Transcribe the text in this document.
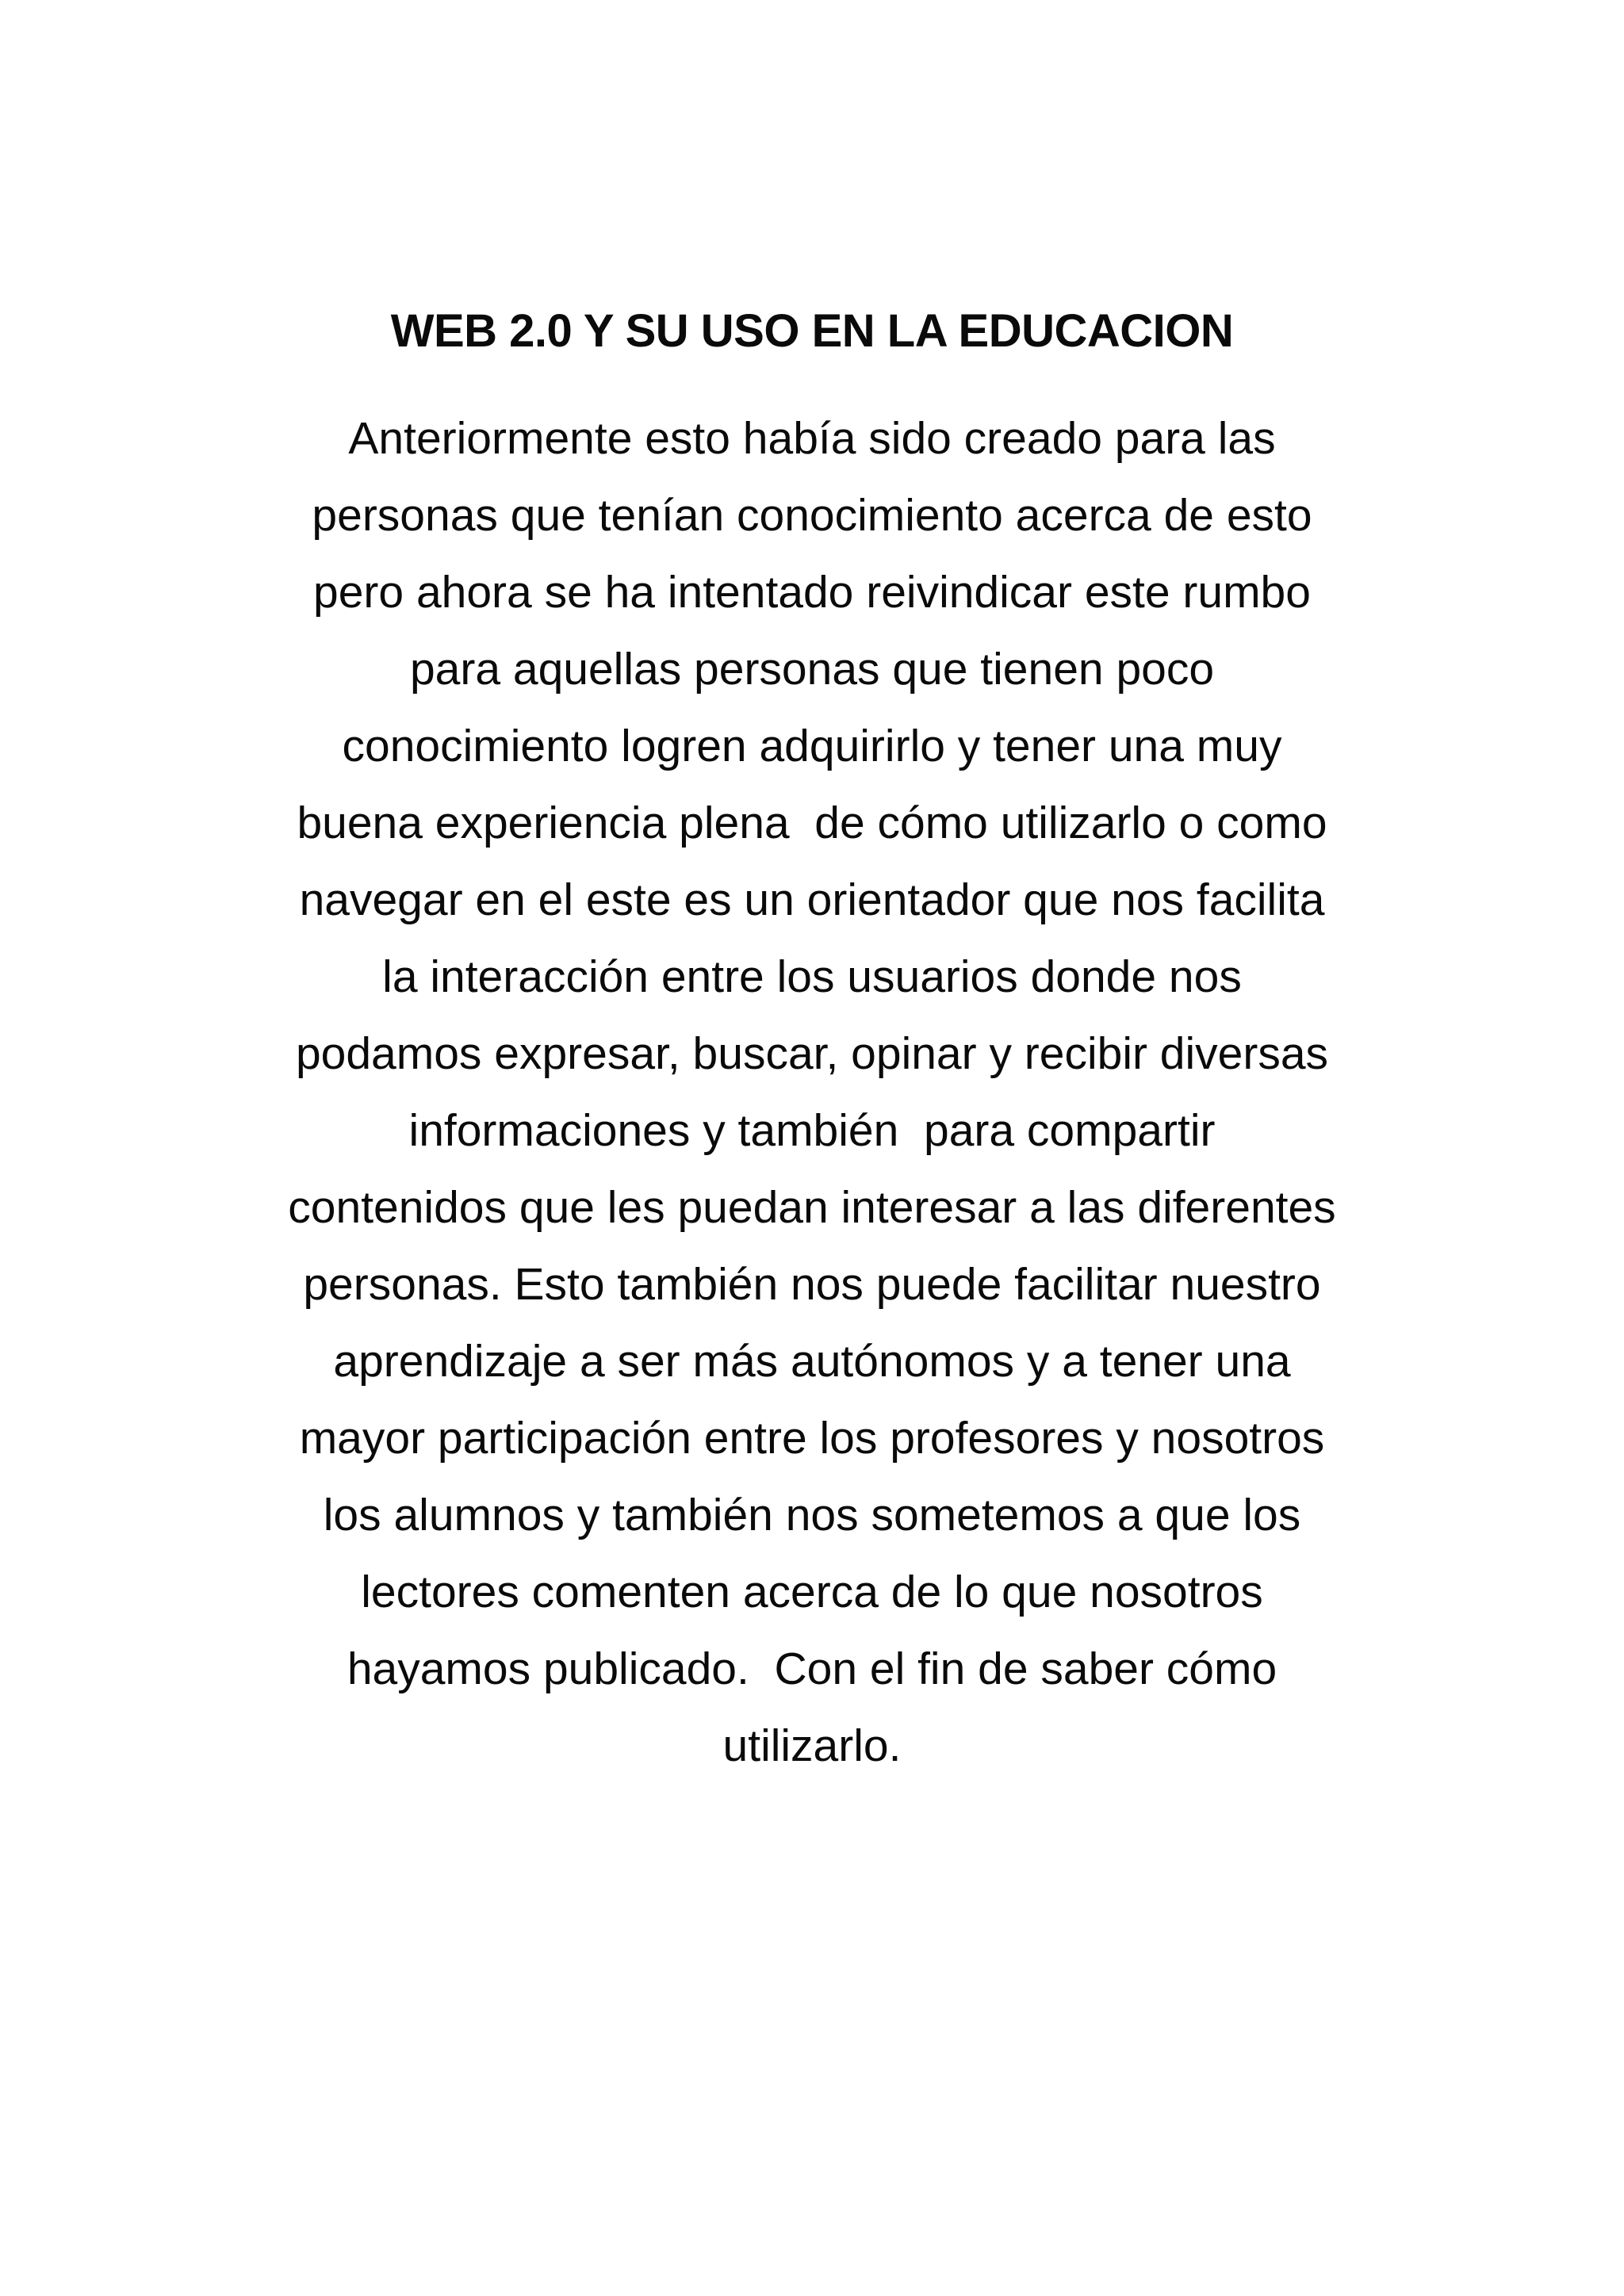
WEB 2.0 Y SU USO EN LA EDUCACION

Anteriormente esto había sido creado para las
personas que tenían conocimiento acerca de esto
pero ahora se ha intentado reivindicar este rumbo
para aquellas personas que tienen poco
conocimiento logren adquirirlo y tener una muy
buena experiencia plena  de cómo utilizarlo o como
navegar en el este es un orientador que nos facilita
la interacción entre los usuarios donde nos
podamos expresar, buscar, opinar y recibir diversas
informaciones y también  para compartir
contenidos que les puedan interesar a las diferentes
personas. Esto también nos puede facilitar nuestro
aprendizaje a ser más autónomos y a tener una
mayor participación entre los profesores y nosotros
los alumnos y también nos sometemos a que los
lectores comenten acerca de lo que nosotros
hayamos publicado.  Con el fin de saber cómo
utilizarlo.
